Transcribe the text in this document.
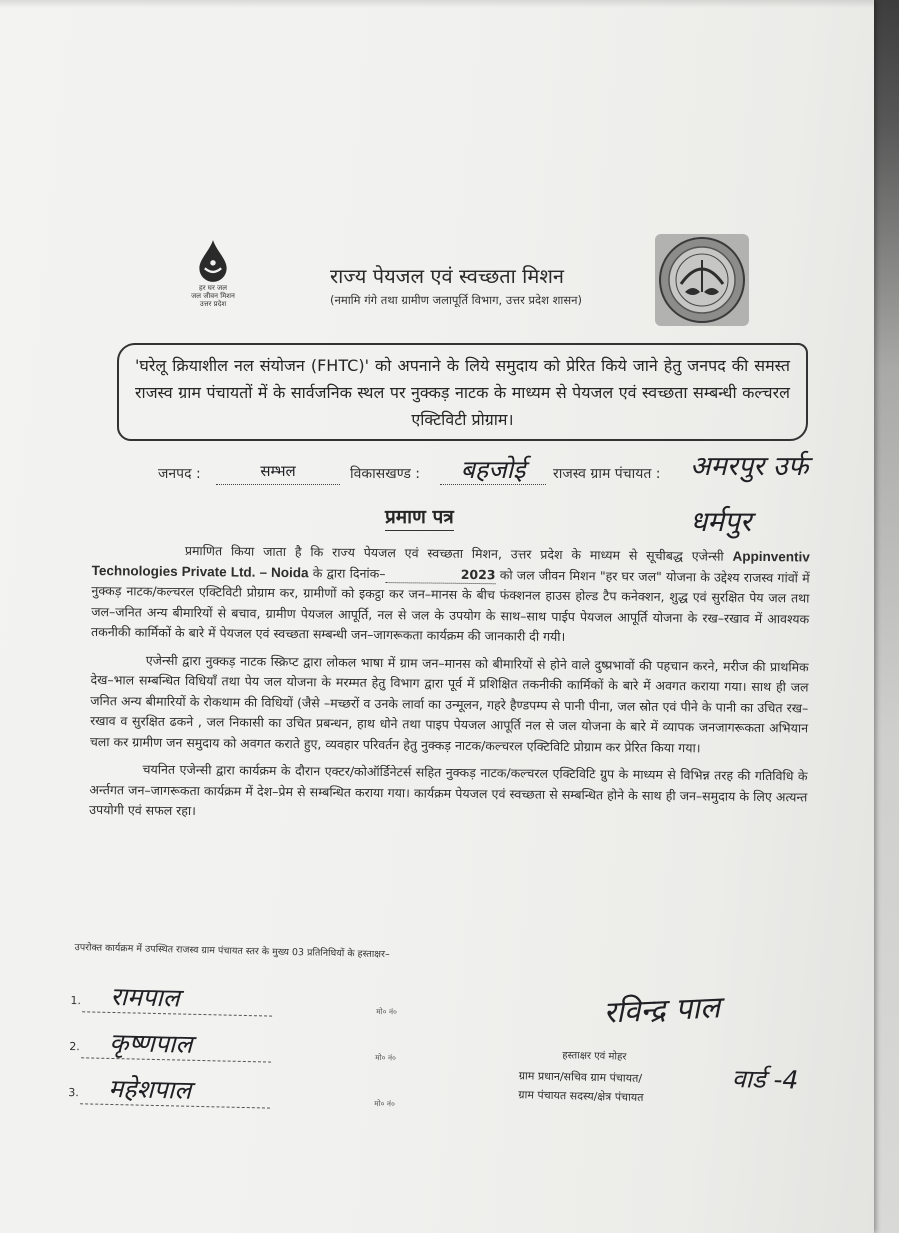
हर घर जल
जल जीवन मिशन
उत्तर प्रदेश
राज्य पेयजल एवं स्वच्छता मिशन
(नमामि गंगे तथा ग्रामीण जलापूर्ति विभाग, उत्तर प्रदेश शासन)
'घरेलू क्रियाशील नल संयोजन (FHTC)' को अपनाने के लिये समुदाय को प्रेरित किये जाने हेतु जनपद की समस्त राजस्व ग्राम पंचायतों में के सार्वजनिक स्थल पर नुक्कड़ नाटक के माध्यम से पेयजल एवं स्वच्छता सम्बन्धी कल्चरल एक्टिविटी प्रोग्राम।
जनपद :	सम्भल	विकासखण्ड :	बहजोई	राजस्व ग्राम पंचायत : अमरपुर उर्फ
धर्मपुर
प्रमाण पत्र

प्रमाणित किया जाता है कि राज्य पेयजल एवं स्वच्छता मिशन, उत्तर प्रदेश के माध्यम से सूचीबद्ध एजेन्सी Appinventiv Technologies Private Ltd. – Noida के द्वारा दिनांक–	2023 को जल जीवन मिशन "हर घर जल" योजना के उद्देश्य राजस्व गांवों में नुक्कड़ नाटक/कल्चरल एक्टिविटी प्रोग्राम कर, ग्रामीणों को इकट्ठा कर जन–मानस के बीच फंक्शनल हाउस होल्ड टैप कनेक्शन, शुद्ध एवं सुरक्षित पेय जल तथा जल–जनित अन्य बीमारियों से बचाव, ग्रामीण पेयजल आपूर्ति, नल से जल के उपयोग के साथ–साथ पाईप पेयजल आपूर्ति योजना के रख–रखाव में आवश्यक तकनीकी कार्मिकों के बारे में पेयजल एवं स्वच्छता सम्बन्धी जन–जागरूकता कार्यक्रम की जानकारी दी गयी।

एजेन्सी द्वारा नुक्कड़ नाटक स्क्रिप्ट द्वारा लोकल भाषा में ग्राम जन–मानस को बीमारियों से होने वाले दुष्प्रभावों की पहचान करने, मरीज की प्राथमिक देख–भाल सम्बन्धित विधियाँ तथा पेय जल योजना के मरम्मत हेतु विभाग द्वारा पूर्व में प्रशिक्षित तकनीकी कार्मिकों के बारे में अवगत कराया गया। साथ ही जल जनित अन्य बीमारियों के रोकथाम की विधियों (जैसे –मच्छरों व उनके लार्वा का उन्मूलन, गहरे हैण्डपम्प से पानी पीना, जल स्रोत एवं पीने के पानी का उचित रख–रखाव व सुरक्षित ढकने , जल निकासी का उचित प्रबन्धन, हाथ धोने तथा पाइप पेयजल आपूर्ति नल से जल योजना के बारे में व्यापक जनजागरूकता अभियान चला कर ग्रामीण जन समुदाय को अवगत कराते हुए, व्यवहार परिवर्तन हेतु नुक्कड़ नाटक/कल्चरल एक्टिविटि प्रोग्राम कर प्रेरित किया गया।

चयनित एजेन्सी द्वारा कार्यक्रम के दौरान एक्टर/कोऑर्डिनेटर्स सहित नुक्कड़ नाटक/कल्चरल एक्टिविटि ग्रुप के माध्यम से विभिन्न तरह की गतिविधि के अर्न्तगत जन–जागरूकता कार्यक्रम में देश–प्रेम से सम्बन्धित कराया गया। कार्यक्रम पेयजल एवं स्वच्छता से सम्बन्धित होने के साथ ही जन–समुदाय के लिए अत्यन्त उपयोगी एवं सफल रहा।

उपरोक्त कार्यक्रम में उपस्थित राजस्व ग्राम पंचायत स्तर के मुख्य 03 प्रतिनिधियों के हस्ताक्षर–
1. रामपाल	मो० नं०
2. कृष्णपाल	मो० नं०
3. महेशपाल	मो० नं०
रविन्द्र पाल
हस्ताक्षर एवं मोहर
ग्राम प्रधान/सचिव ग्राम पंचायत/
ग्राम पंचायत सदस्य/क्षेत्र पंचायत
वार्ड -4
